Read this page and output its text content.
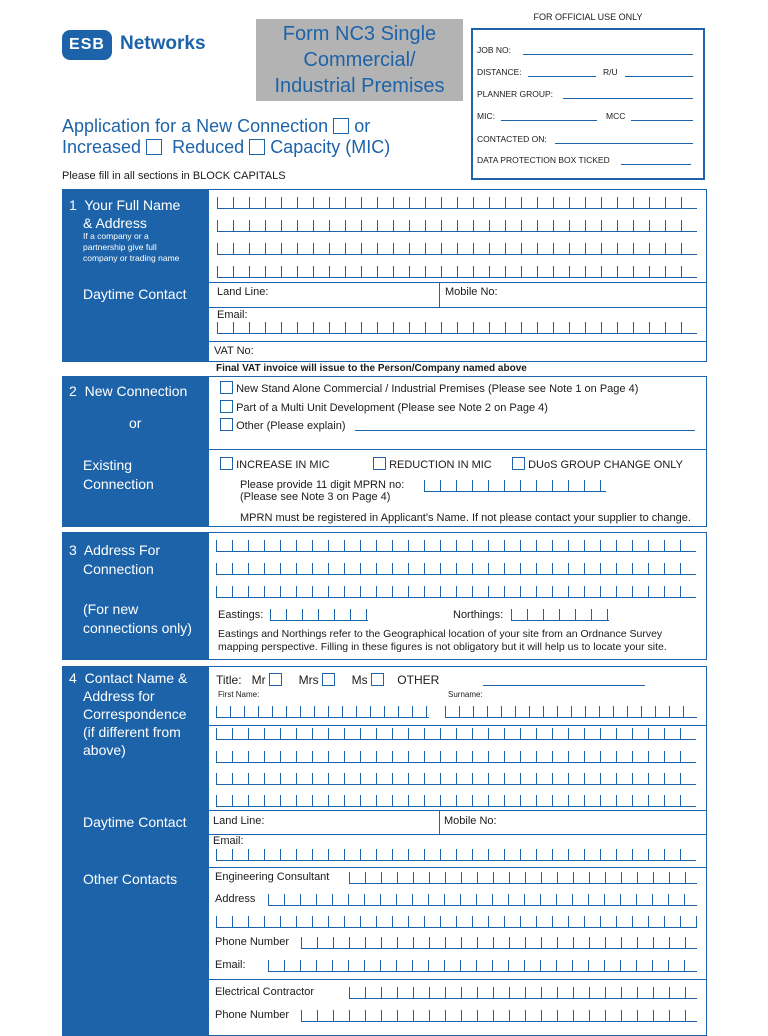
ESB Networks	Form NC3 Single
Commercial/
Industrial Premises
FOR OFFICIAL USE ONLY
JOB NO:
DISTANCE:	R/U
PLANNER GROUP:
MIC:	MCC
CONTACTED ON:
DATA PROTECTION BOX TICKED
Application for a New Connection or
Increased Reduced Capacity (MIC)
Please fill in all sections in BLOCK CAPITALS
1 Your Full Name
& Address
If a company or a
partnership give full
company or trading name
Daytime Contact	Land Line:	Mobile No:
Email:
VAT No:
Final VAT invoice will issue to the Person/Company named above
2 New Connection
or
Existing
Connection
New Stand Alone Commercial / Industrial Premises (Please see Note 1 on Page 4)
Part of a Multi Unit Development (Please see Note 2 on Page 4)
Other (Please explain)
INCREASE IN MIC	REDUCTION IN MIC	DUoS GROUP CHANGE ONLY
Please provide 11 digit MPRN no:
(Please see Note 3 on Page 4)
MPRN must be registered in Applicant's Name. If not please contact your supplier to change.
3 Address For
Connection
(For new
connections only)
Eastings:	Northings:
Eastings and Northings refer to the Geographical location of your site from an Ordnance Survey
mapping perspective. Filling in these figures is not obligatory but it will help us to locate your site.
4 Contact Name &
Address for
Correspondence
(if different from
above)
Daytime Contact
Other Contacts
Title: Mr	Mrs	Ms OTHER
First Name:	Surname:
Land Line:	Mobile No:
Email:
Engineering Consultant
Address
Phone Number
Email:
Electrical Contractor
Phone Number
